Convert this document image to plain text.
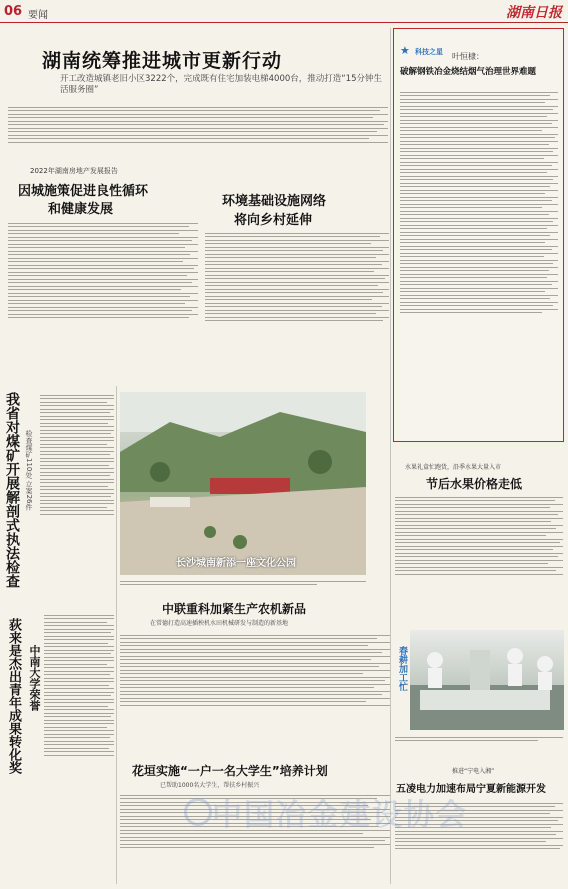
06 要闻	湖南日报
湖南统筹推进城市更新行动
开工改造城镇老旧小区3222个，完成既有住宅加装电梯4000台，推动打造“15分钟生活服务圈”
2022年湖南房地产发展报告
因城施策促进良性循环
和健康发展
环境基础设施网络
将向乡村延伸
我省对煤矿开展解剖式执法检查 检查煤矿110处 立案26件
长沙城南新添一座文化公园
中联重科加紧生产农机新品
在常德打造高速插秧机水田机械研发与制造的新基地
荻来是杰出青年成果转化奖 中南大学荣誉
花垣实施“一户一名大学生”培养计划
已帮助1000名大学生，帮扶乡村振兴
★ 科技之星 叶恒棣：
破解钢铁冶金烧结烟气治理世界难题
水果礼盒忙跑货，沿季水果大量入市
节后水果价格走低
春耕加工忙
推进“宁电入湘”
五凌电力加速布局宁夏新能源开发
中国冶金建设协会
